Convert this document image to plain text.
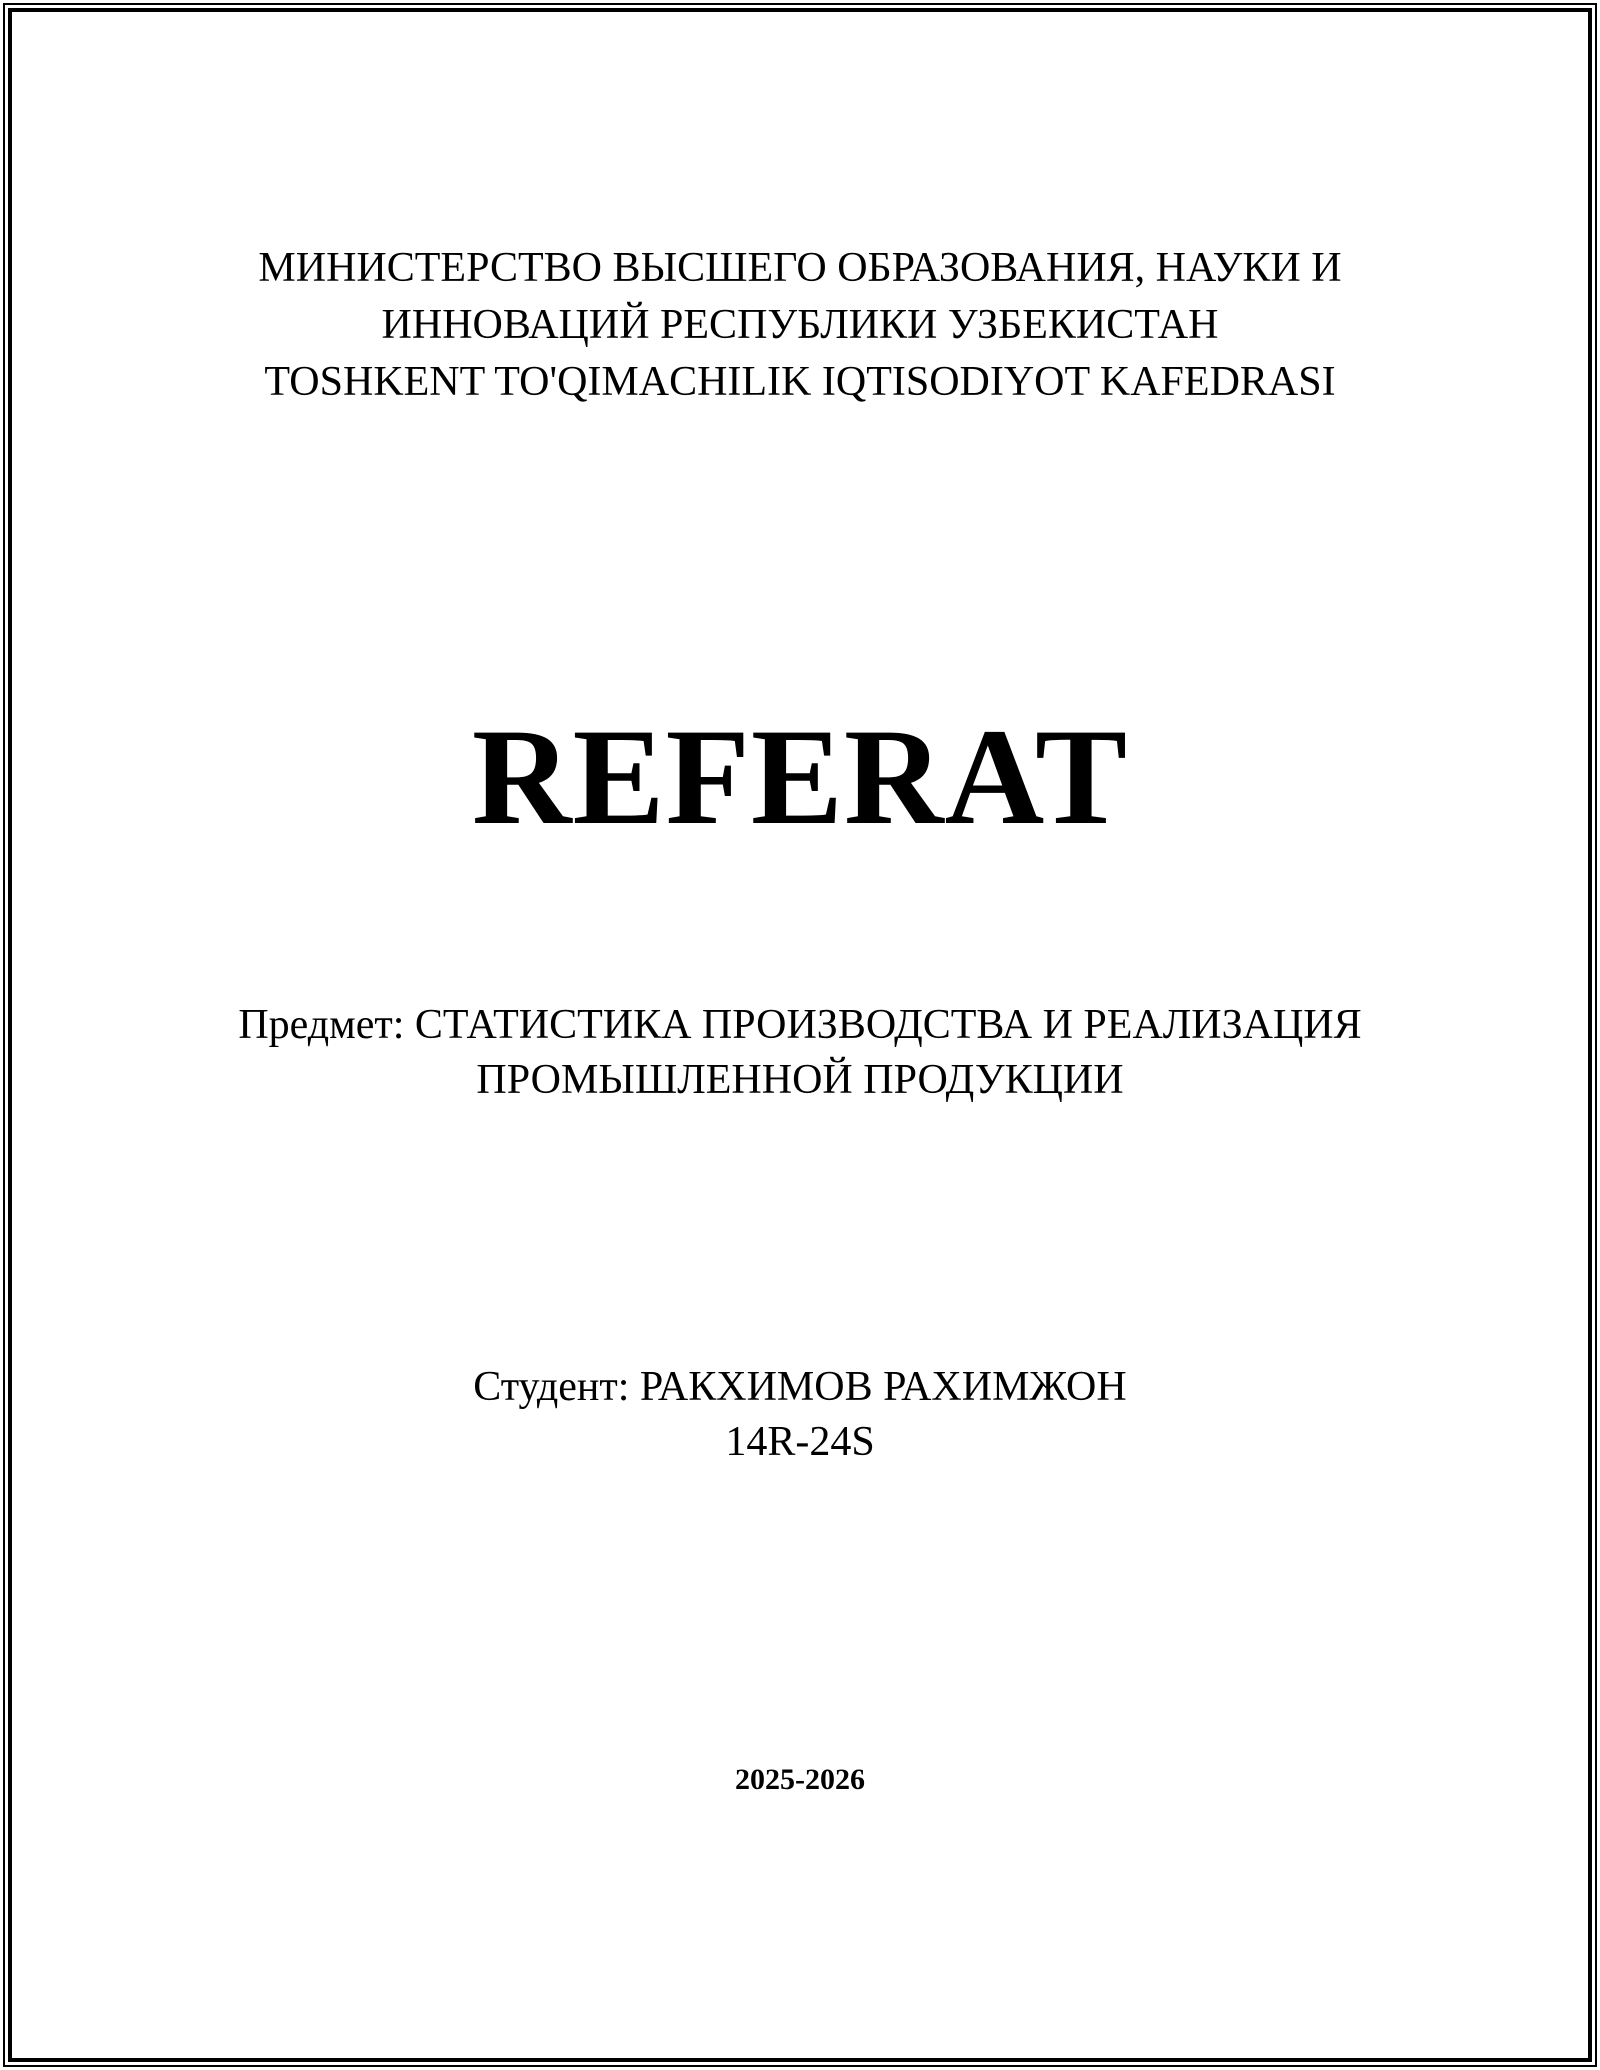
МИНИСТЕРСТВО ВЫСШЕГО ОБРАЗОВАНИЯ, НАУКИ И
ИННОВАЦИЙ РЕСПУБЛИКИ УЗБЕКИСТАН
TOSHKENT TO'QIMACHILIK IQTISODIYOT KAFEDRASI
REFERAT
Предмет: СТАТИСТИКА ПРОИЗВОДСТВА И РЕАЛИЗАЦИЯ
ПРОМЫШЛЕННОЙ ПРОДУКЦИИ
Студент: РАКХИМОВ РАХИМЖОН
14R-24S
2025-2026
